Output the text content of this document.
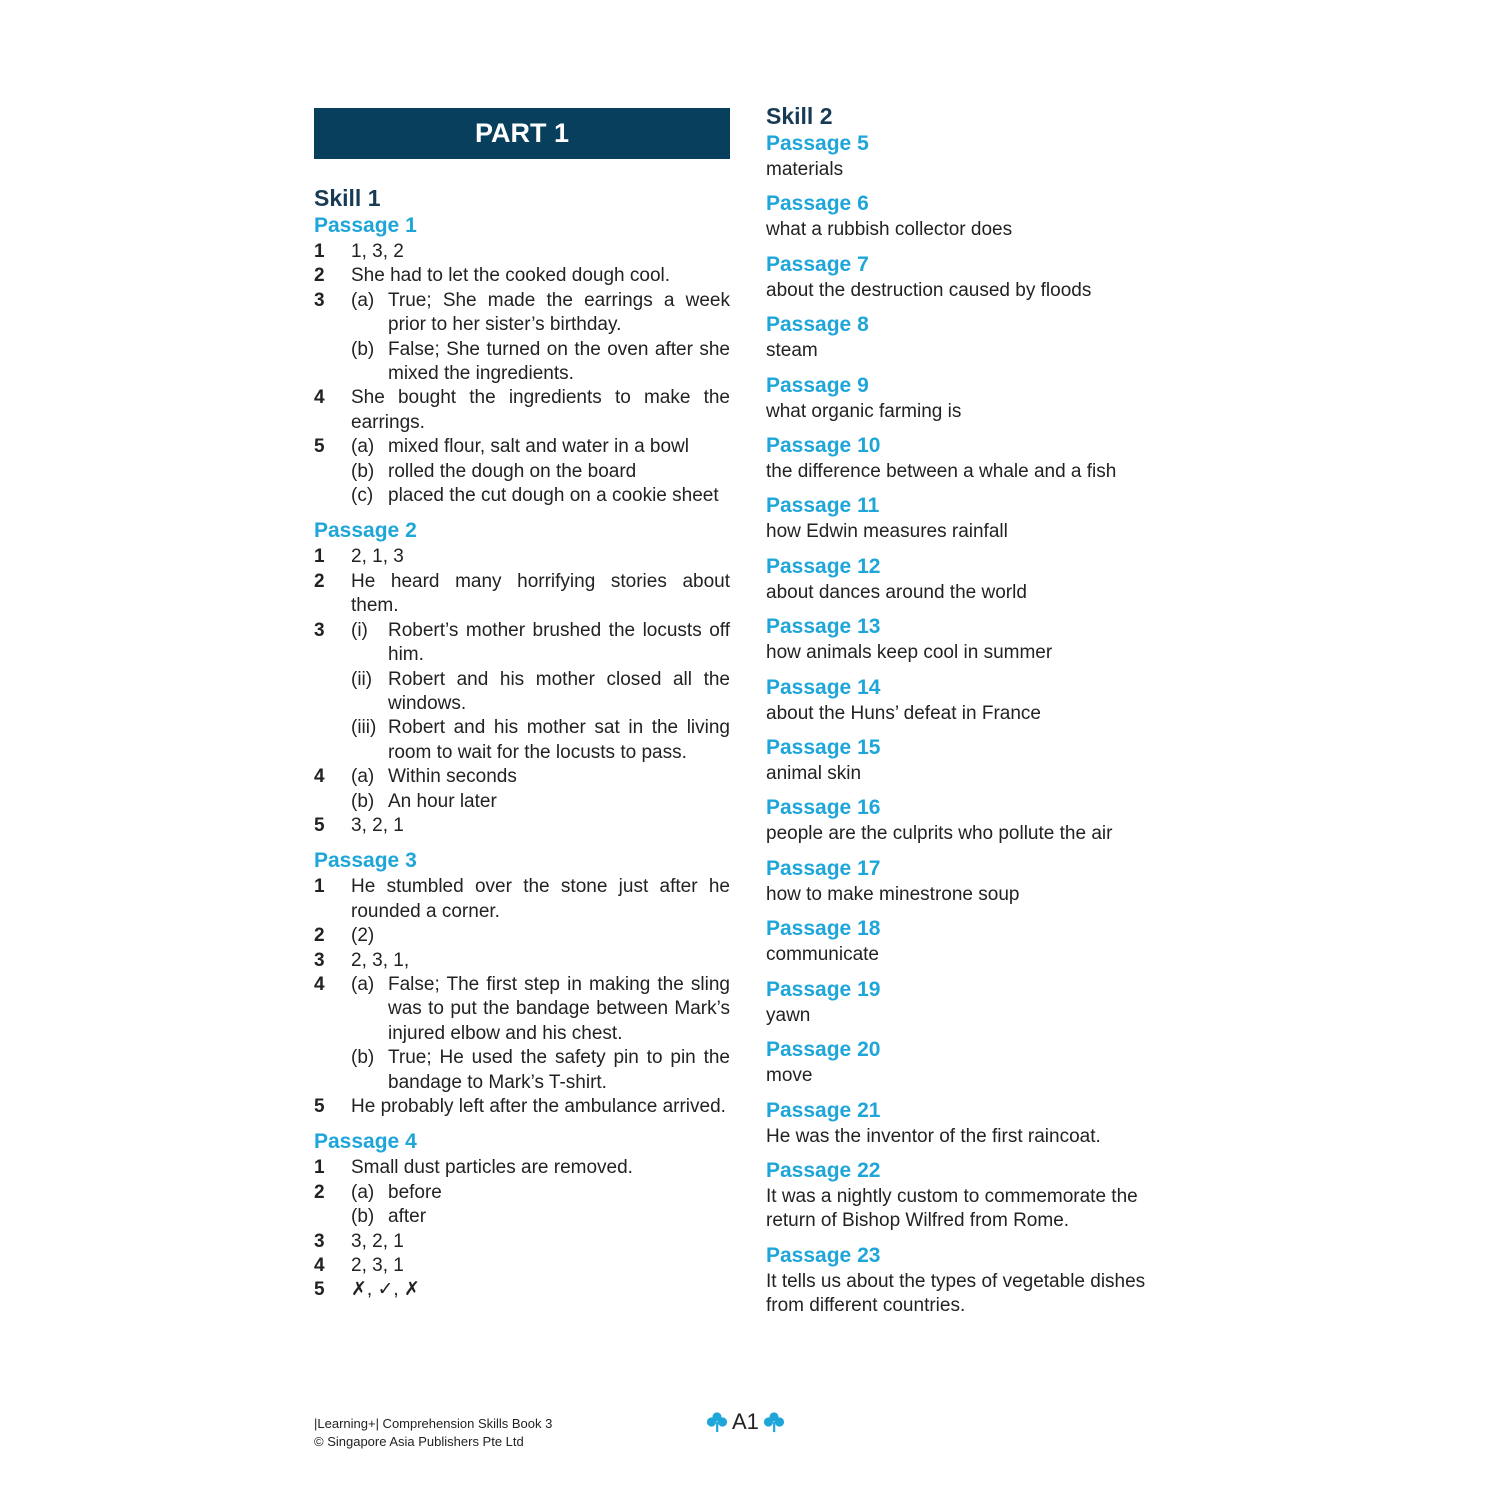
PART 1
Skill 1
Passage 1
1	1, 3, 2
2	She had to let the cooked dough cool.
3	(a) True; She made the earrings a week prior to her sister’s birthday.
(b) False; She turned on the oven after she mixed the ingredients.
4	She bought the ingredients to make the earrings.
5	(a) mixed flour, salt and water in a bowl
(b) rolled the dough on the board
(c) placed the cut dough on a cookie sheet
Passage 2
1	2, 1, 3
2	He heard many horrifying stories about them.
3	(i)	Robert’s mother brushed the locusts off him.
(ii) Robert and his mother closed all the windows.
(iii) Robert and his mother sat in the living room to wait for the locusts to pass.
4	(a) Within seconds
(b) An hour later
5	3, 2, 1
Passage 3
1	He stumbled over the stone just after he rounded a corner.
2	(2)
3	2, 3, 1,
4	(a) False; The first step in making the sling was to put the bandage between Mark’s injured elbow and his chest.
(b) True; He used the safety pin to pin the bandage to Mark’s T-shirt.
5	He probably left after the ambulance arrived.
Passage 4
1	Small dust particles are removed.
2	(a) before
(b) after
3	3, 2, 1
4	2, 3, 1
5	✗, ✓, ✗
Skill 2
Passage 5
materials
Passage 6
what a rubbish collector does
Passage 7
about the destruction caused by floods
Passage 8
steam
Passage 9
what organic farming is
Passage 10
the difference between a whale and a fish
Passage 11
how Edwin measures rainfall
Passage 12
about dances around the world
Passage 13
how animals keep cool in summer
Passage 14
about the Huns’ defeat in France
Passage 15
animal skin
Passage 16
people are the culprits who pollute the air
Passage 17
how to make minestrone soup
Passage 18
communicate
Passage 19
yawn
Passage 20
move
Passage 21
He was the inventor of the first raincoat.
Passage 22
It was a nightly custom to commemorate the return of Bishop Wilfred from Rome.
Passage 23
It tells us about the types of vegetable dishes from different countries.
|Learning+| Comprehension Skills Book 3
© Singapore Asia Publishers Pte Ltd
A1
